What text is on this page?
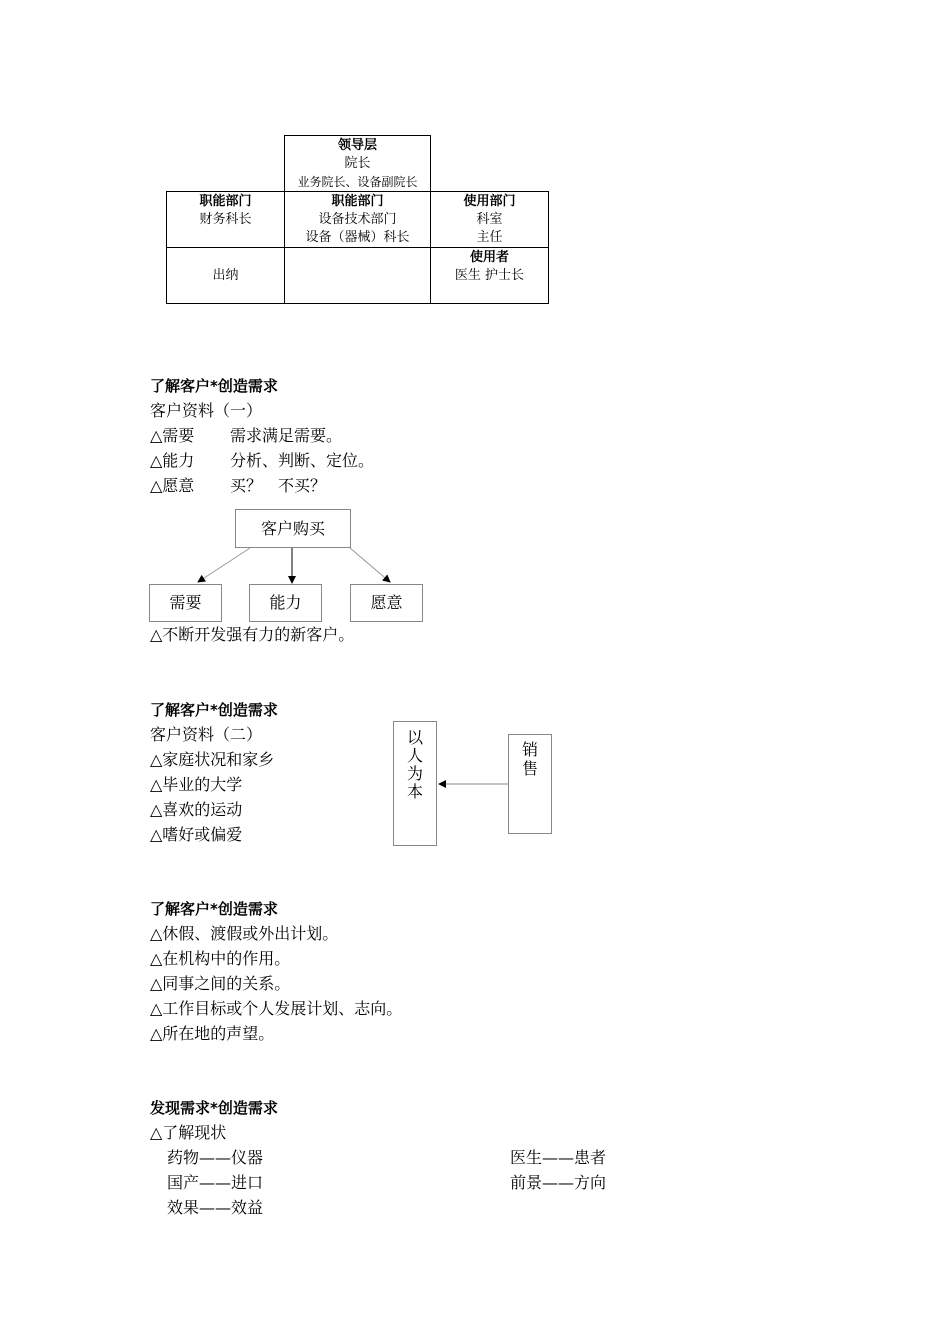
领导层
院长
业务院长、设备副院长
职能部门
财务科长
职能部门
设备技术部门
设备（器械）科长
使用部门
科室
主任
出纳
使用者
医生 护士长
了解客户*创造需求
客户资料（一）
△需要 需求满足需要。
△能力 分析、判断、定位。
△愿意 买？　不买？
客户购买
需要	能力	愿意
△不断开发强有力的新客户。
了解客户*创造需求
客户资料（二）
△家庭状况和家乡
△毕业的大学
△喜欢的运动
△嗜好或偏爱
以
人
为
本
销
售
了解客户*创造需求
△休假、渡假或外出计划。
△在机构中的作用。
△同事之间的关系。
△工作目标或个人发展计划、志向。
△所在地的声望。
发现需求*创造需求
△了解现状
药物——仪器
国产——进口
效果——效益
医生——患者
前景——方向
